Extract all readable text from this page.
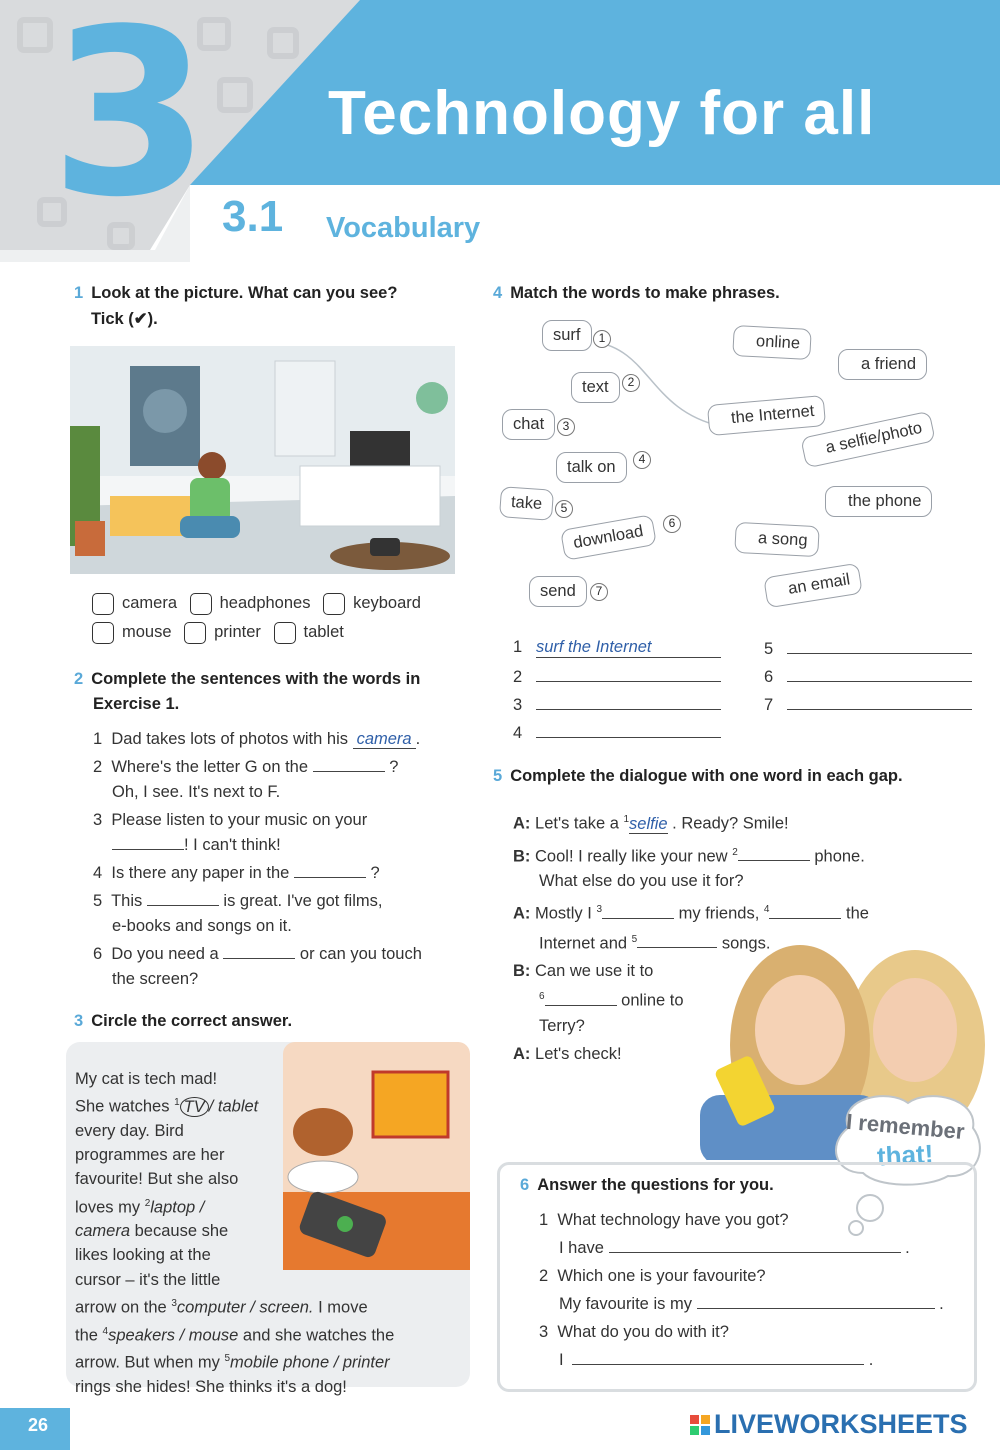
3 Technology for all
3.1 Vocabulary
1 Look at the picture. What can you see?
Tick (✔).
camera	headphones	keyboard
mouse	printer	tablet
2 Complete the sentences with the words in
Exercise 1.
1 Dad takes lots of photos with his camera .
2 Where's the letter G on the	?
Oh, I see. It's next to F.
3 Please listen to your music on your
! I can't think!
4 Is there any paper in the	?
5 This	is great. I've got films,
e-books and songs on it.
6 Do you need a	or can you touch
the screen?
3 Circle the correct answer.
My cat is tech mad!
She watches $^1$ TV / tablet
every day. Bird
programmes are her
favourite! But she also
loves my $^2$laptop /
camera because she
likes looking at the
cursor – it's the little
arrow on the $^3$computer / screen. I move
the $^4$speakers / mouse and she watches the
arrow. But when my $^5$mobile phone / printer
rings she hides! She thinks it's a dog!
4 Match the words to make phrases.
surf	1
text	2
chat	3
talk on	4
take	5
download	6
send	7
online
a friend
the Internet
a selfie/photo
the phone
a song
an email
1 surf the Internet
2
3
4
5
6
7
5 Complete the dialogue with one word in each gap.
A: Let's take a $^1$selfie . Ready? Smile!
B: Cool! I really like your new $^2$	phone.
What else do you use it for?
A: Mostly I $^3$	my friends, $^4$	the
Internet and $^5$	songs.
B: Can we use it to
$^6$	online to
Terry?
A: Let's check!
I remember
that!
6 Answer the questions for you.
1 What technology have you got?
I have	.
2 Which one is your favourite?
My favourite is my	.
3 What do you do with it?
I	.
26	LIVEWORKSHEETS
